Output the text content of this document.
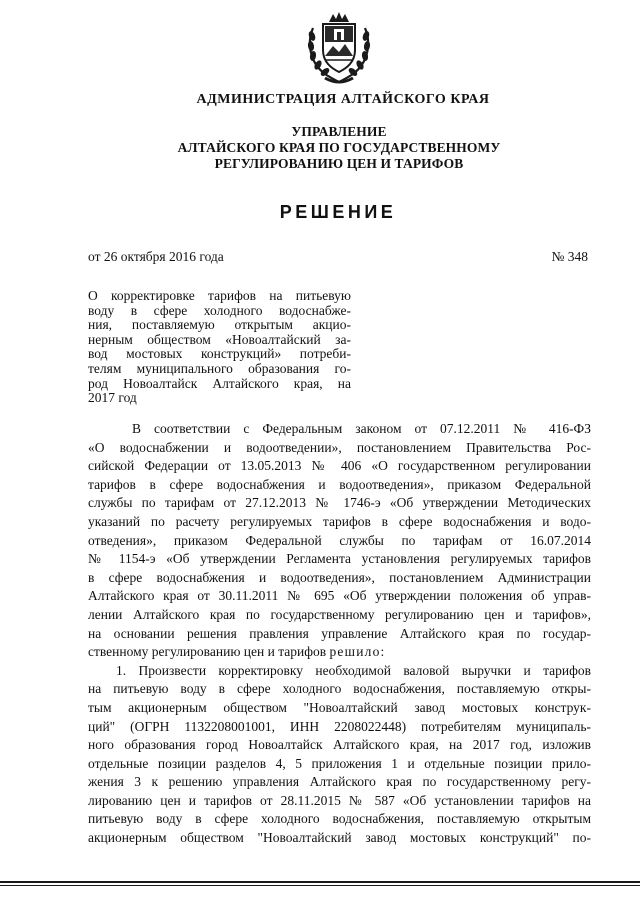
АДМИНИСТРАЦИЯ АЛТАЙСКОГО КРАЯ
УПРАВЛЕНИЕ
АЛТАЙСКОГО КРАЯ ПО ГОСУДАРСТВЕННОМУ
РЕГУЛИРОВАНИЮ ЦЕН И ТАРИФОВ
РЕШЕНИЕ
от 26 октября 2016 года	№ 348
О корректировке тарифов на питьевую
воду в сфере холодного водоснабже-
ния, поставляемую открытым акцио-
нерным обществом «Новоалтайский за-
вод мостовых конструкций» потреби-
телям муниципального образования го-
род Новоалтайск Алтайского края, на
2017 год
В соответствии с Федеральным законом от 07.12.2011 № 416-ФЗ
«О водоснабжении и водоотведении», постановлением Правительства Рос-
сийской Федерации от 13.05.2013 № 406 «О государственном регулировании
тарифов в сфере водоснабжения и водоотведения», приказом Федеральной
службы по тарифам от 27.12.2013 № 1746-э «Об утверждении Методических
указаний по расчету регулируемых тарифов в сфере водоснабжения и водо-
отведения», приказом Федеральной службы по тарифам от 16.07.2014
№ 1154-э «Об утверждении Регламента установления регулируемых тарифов
в сфере водоснабжения и водоотведения», постановлением Администрации
Алтайского края от 30.11.2011 № 695 «Об утверждении положения об управ-
лении Алтайского края по государственному регулированию цен и тарифов»,
на основании решения правления управление Алтайского края по государ-
ственному регулированию цен и тарифов решило:
1. Произвести корректировку необходимой валовой выручки и тарифов
на питьевую воду в сфере холодного водоснабжения, поставляемую откры-
тым акционерным обществом "Новоалтайский завод мостовых конструк-
ций" (ОГРН 1132208001001, ИНН 2208022448) потребителям муниципаль-
ного образования город Новоалтайск Алтайского края, на 2017 год, изложив
отдельные позиции разделов 4, 5 приложения 1 и отдельные позиции прило-
жения 3 к решению управления Алтайского края по государственному регу-
лированию цен и тарифов от 28.11.2015 № 587 «Об установлении тарифов на
питьевую воду в сфере холодного водоснабжения, поставляемую открытым
акционерным обществом "Новоалтайский завод мостовых конструкций" по-
